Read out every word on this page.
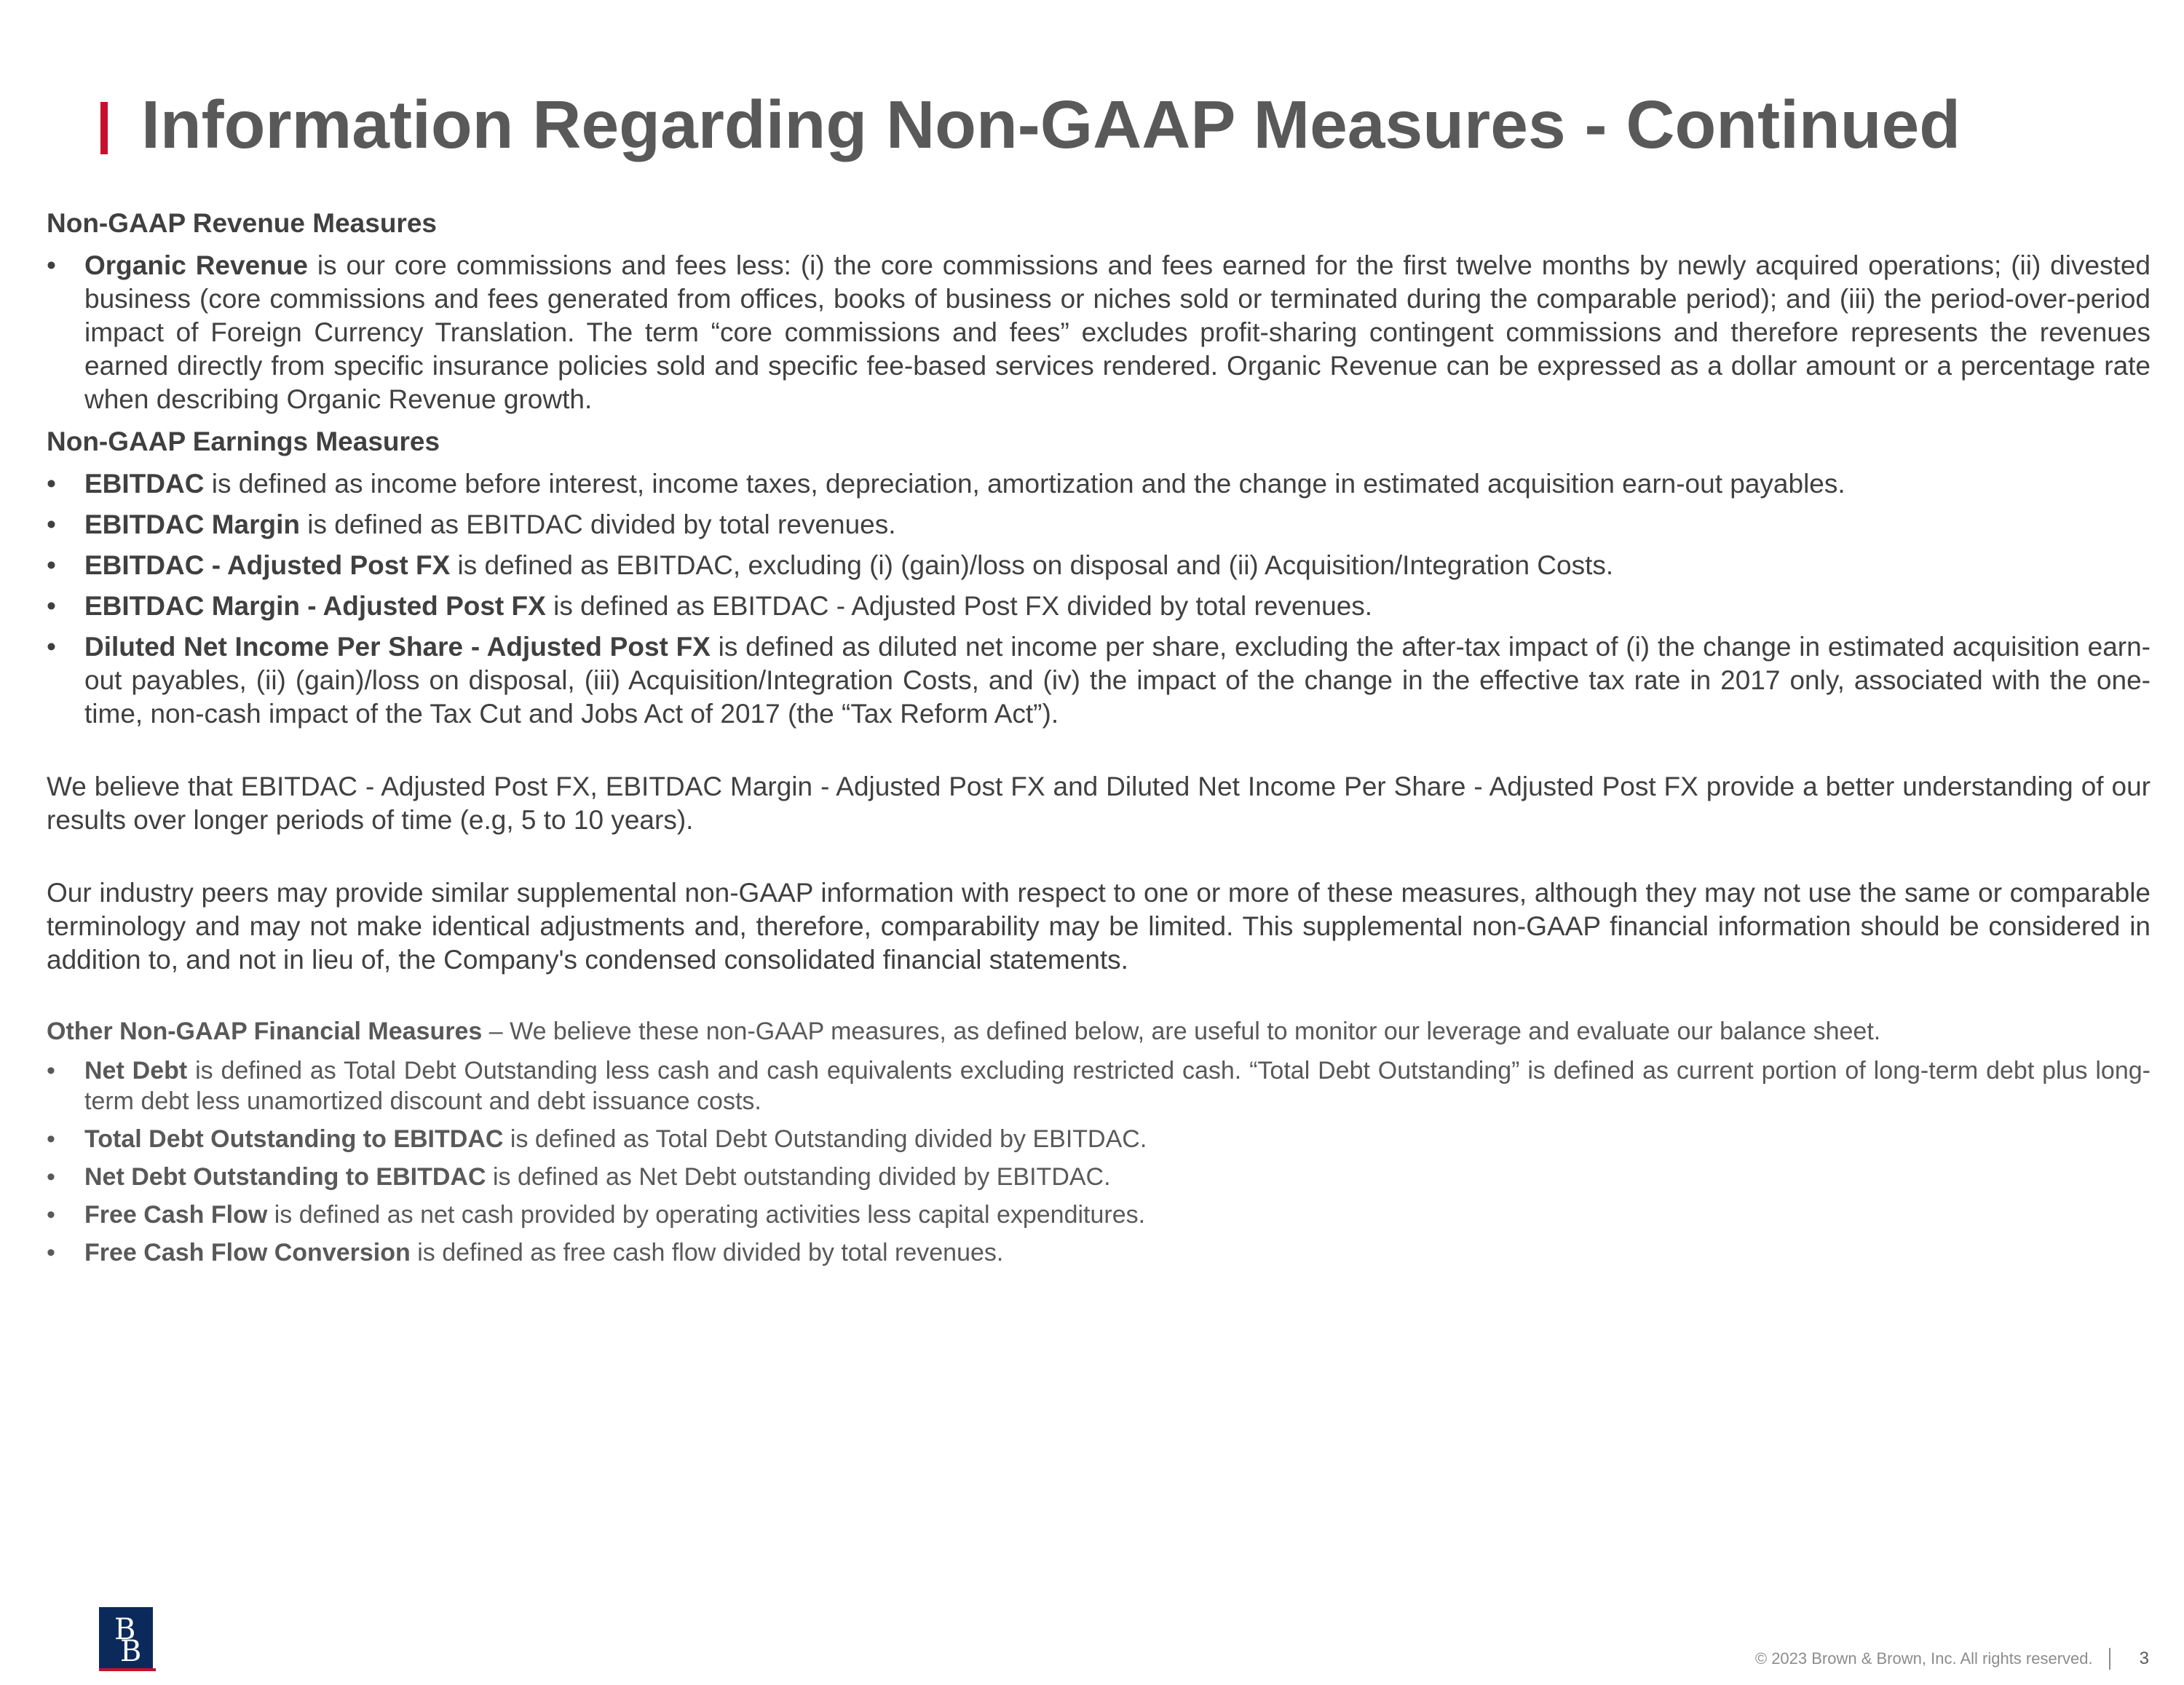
Information Regarding Non-GAAP Measures - Continued

Non-GAAP Revenue Measures

• Organic Revenue is our core commissions and fees less: (i) the core commissions and fees earned for the first twelve months by newly acquired operations; (ii) divested business (core commissions and fees generated from offices, books of business or niches sold or terminated during the comparable period); and (iii) the period-over-period impact of Foreign Currency Translation. The term “core commissions and fees” excludes profit-sharing contingent commissions and therefore represents the revenues earned directly from specific insurance policies sold and specific fee-based services rendered. Organic Revenue can be expressed as a dollar amount or a percentage rate when describing Organic Revenue growth.

Non-GAAP Earnings Measures

• EBITDAC is defined as income before interest, income taxes, depreciation, amortization and the change in estimated acquisition earn-out payables.
• EBITDAC Margin is defined as EBITDAC divided by total revenues.
• EBITDAC - Adjusted Post FX is defined as EBITDAC, excluding (i) (gain)/loss on disposal and (ii) Acquisition/Integration Costs.
• EBITDAC Margin - Adjusted Post FX is defined as EBITDAC - Adjusted Post FX divided by total revenues.
• Diluted Net Income Per Share - Adjusted Post FX is defined as diluted net income per share, excluding the after-tax impact of (i) the change in estimated acquisition earn-out payables, (ii) (gain)/loss on disposal, (iii) Acquisition/Integration Costs, and (iv) the impact of the change in the effective tax rate in 2017 only, associated with the one-time, non-cash impact of the Tax Cut and Jobs Act of 2017 (the “Tax Reform Act”).

We believe that EBITDAC - Adjusted Post FX, EBITDAC Margin - Adjusted Post FX and Diluted Net Income Per Share - Adjusted Post FX provide a better understanding of our results over longer periods of time (e.g, 5 to 10 years).

Our industry peers may provide similar supplemental non-GAAP information with respect to one or more of these measures, although they may not use the same or comparable terminology and may not make identical adjustments and, therefore, comparability may be limited. This supplemental non-GAAP financial information should be considered in addition to, and not in lieu of, the Company's condensed consolidated financial statements.

Other Non-GAAP Financial Measures – We believe these non-GAAP measures, as defined below, are useful to monitor our leverage and evaluate our balance sheet.

• Net Debt is defined as Total Debt Outstanding less cash and cash equivalents excluding restricted cash. “Total Debt Outstanding” is defined as current portion of long-term debt plus long-term debt less unamortized discount and debt issuance costs.
• Total Debt Outstanding to EBITDAC is defined as Total Debt Outstanding divided by EBITDAC.
• Net Debt Outstanding to EBITDAC is defined as Net Debt outstanding divided by EBITDAC.
• Free Cash Flow is defined as net cash provided by operating activities less capital expenditures.
• Free Cash Flow Conversion is defined as free cash flow divided by total revenues.
B
B	© 2023 Brown & Brown, Inc. All rights reserved.	3
